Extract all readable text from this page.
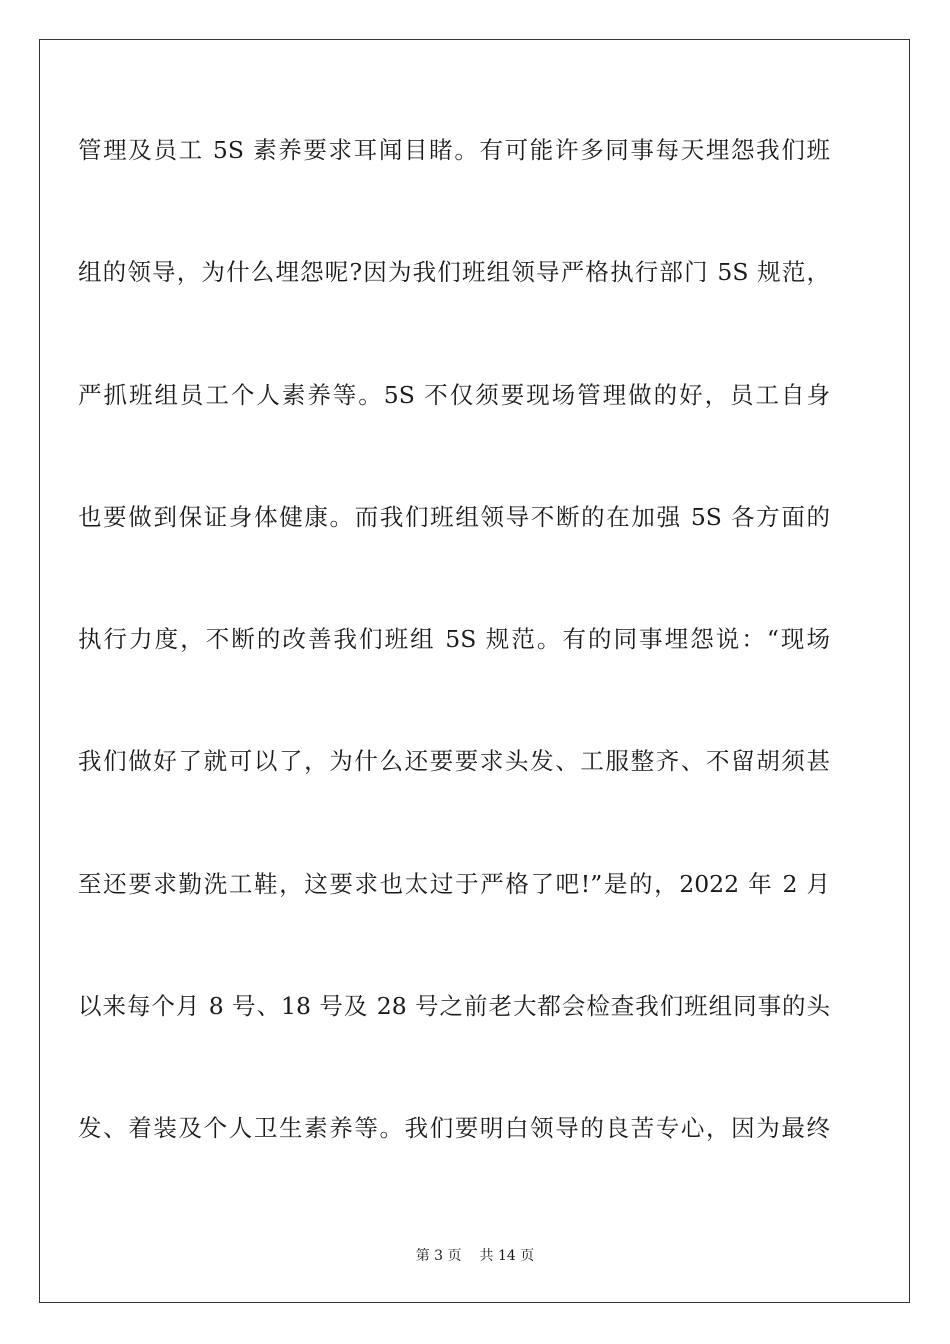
管理及员工 5S 素养要求耳闻目睹。有可能许多同事每天埋怨我们班
组的领导，为什么埋怨呢?因为我们班组领导严格执行部门 5S 规范，
严抓班组员工个人素养等。5S 不仅须要现场管理做的好，员工自身
也要做到保证身体健康。而我们班组领导不断的在加强 5S 各方面的
执行力度，不断的改善我们班组 5S 规范。有的同事埋怨说：“现场
我们做好了就可以了，为什么还要要求头发、工服整齐、不留胡须甚
至还要求勤洗工鞋，这要求也太过于严格了吧!”是的，2022 年 2 月
以来每个月 8 号、18 号及 28 号之前老大都会检查我们班组同事的头
发、着装及个人卫生素养等。我们要明白领导的良苦专心，因为最终
第 3 页 共 14 页
